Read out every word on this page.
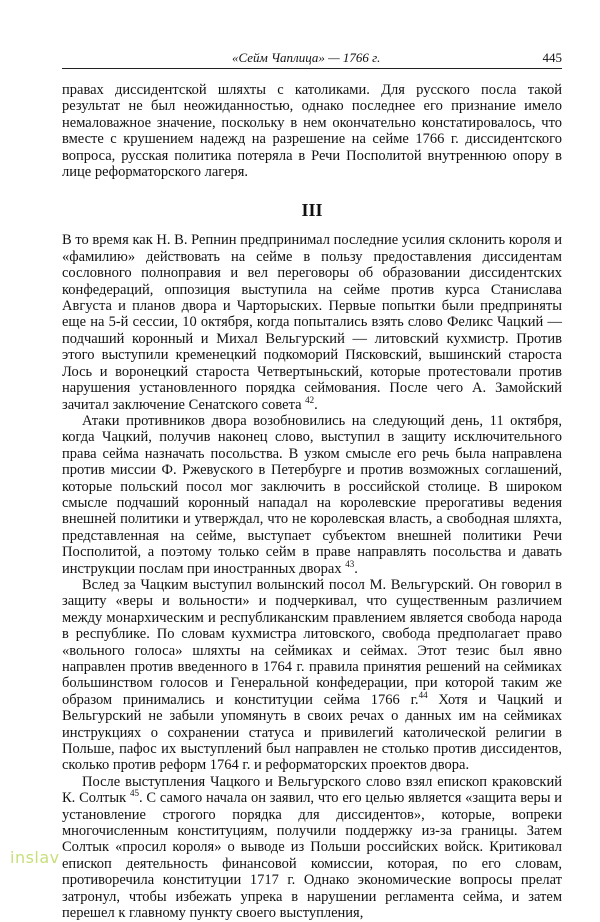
«Сейм Чаплица» — 1766 г.	445

правах диссидентской шляхты с католиками. Для русского посла такой результат не был неожиданностью, однако последнее его признание имело немаловажное значение, поскольку в нем окончательно констатировалось, что вместе с крушением надежд на разрешение на сейме 1766 г. диссидентского вопроса, русская политика потеряла в Речи Посполитой внутреннюю опору в лице реформаторского лагеря.

III

В то время как Н. В. Репнин предпринимал последние усилия склонить короля и «фамилию» действовать на сейме в пользу предоставления диссидентам сословного полноправия и вел переговоры об образовании диссидентских конфедераций, оппозиция выступила на сейме против курса Станислава Августа и планов двора и Чарторыских. Первые попытки были предприняты еще на 5-й сессии, 10 октября, когда попытались взять слово Феликс Чацкий — подчаший коронный и Михал Вельгурский — литовский кухмистр. Против этого выступили кременецкий подкоморий Пясковский, вышинский староста Лось и воронецкий староста Четвертыньский, которые протестовали против нарушения установленного порядка сеймования. После чего А. Замойский зачитал заключение Сенатского совета $^{42}$.

Атаки противников двора возобновились на следующий день, 11 октября, когда Чацкий, получив наконец слово, выступил в защиту исключительного права сейма назначать посольства. В узком смысле его речь была направлена против миссии Ф. Ржевуского в Петербурге и против возможных соглашений, которые польский посол мог заключить в российской столице. В широком смысле подчаший коронный нападал на королевские прерогативы ведения внешней политики и утверждал, что не королевская власть, а свободная шляхта, представленная на сейме, выступает субъектом внешней политики Речи Посполитой, а поэтому только сейм в праве направлять посольства и давать инструкции послам при иностранных дворах $^{43}$.

Вслед за Чацким выступил волынский посол М. Вельгурский. Он говорил в защиту «веры и вольности» и подчеркивал, что существенным различием между монархическим и республиканским правлением является свобода народа в республике. По словам кухмистра литовского, свобода предполагает право «вольного голоса» шляхты на сеймиках и сеймах. Этот тезис был явно направлен против введенного в 1764 г. правила принятия решений на сеймиках большинством голосов и Генеральной конфедерации, при которой таким же образом принимались и конституции сейма 1766 г.$^{44}$ Хотя и Чацкий и Вельгурский не забыли упомянуть в своих речах о данных им на сеймиках инструкциях о сохранении статуса и привилегий католической религии в Польше, пафос их выступлений был направлен не столько против диссидентов, сколько против реформ 1764 г. и реформаторских проектов двора.

После выступления Чацкого и Вельгурского слово взял епископ краковский К. Солтык $^{45}$. С самого начала он заявил, что его целью является «защита веры и установление строгого порядка для диссидентов», которые, вопреки многочисленным конституциям, получили поддержку из-за границы. Затем Солтык «просил короля» о выводе из Польши российских войск. Критиковал епископ деятельность финансовой комиссии, которая, по его словам, противоречила конституции 1717 г. Однако экономические вопросы прелат затронул, чтобы избежать упрека в нарушении регламента сейма, и затем перешел к главному пункту своего выступления,

inslav
